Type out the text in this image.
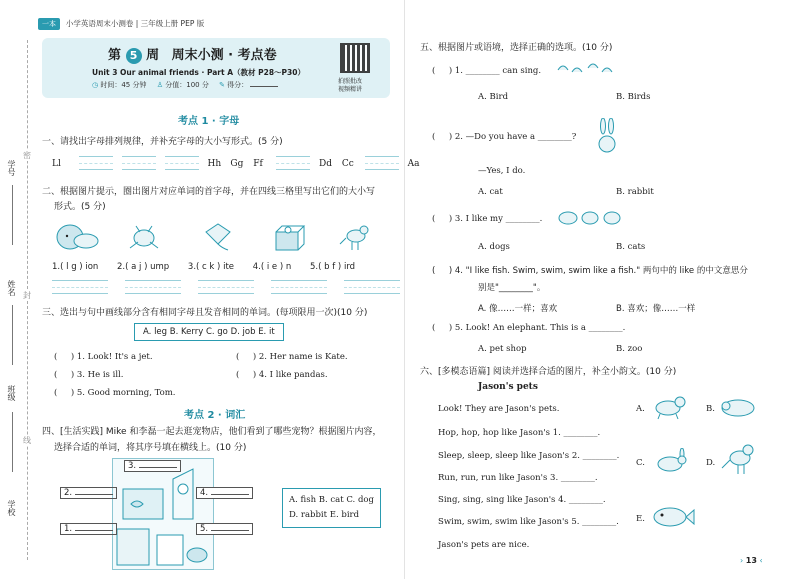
一本 小学英语周末小测卷 | 三年级上册 PEP 版
密
封
线
学号
姓名
班级
学校
第 5 周 周末小测 · 考点卷
Unit 3 Our animal friends · Part A（教材 P28～P30）
◷ 时间：45 分钟 ♙ 分值：100 分 ✎ 得分：	拍照批改
视频精讲
考点 1 · 字母
一、请找出字母排列规律，并补充字母的大小写形式。(5 分)
Ll	Hh Gg Ff	Dd Cc	Aa
二、根据图片提示，圈出图片对应单词的首字母，并在四线三格里写出它们的大小写
形式。(5 分)
1.( l g ) ion 2.( a j ) ump 3.( c k ) ite 4.( i e ) n 5.( b f ) ird

三、选出与句中画线部分含有相同字母且发音相同的单词。(每项限用一次)(10 分)
A. leg B. Kerry C. go D. job E. it
(     ) 1. Look! It's a jet.	(     ) 2. Her name is Kate.
(     ) 3. He is ill.	(     ) 4. I like pandas.
(     ) 5. Good morning, Tom.
考点 2 · 词汇
四、[生活实践] Mike 和李磊一起去逛宠物店，他们看到了哪些宠物？根据图片内容，
选择合适的单词，将其序号填在横线上。(10 分)
3.
2.	4.
1.	5.
A. fish B. cat C. dog
D. rabbit E. bird
五、根据图片或语境，选择正确的选项。(10 分)
(     ) 1. ________ can sing.
A. Bird	B. Birds
(     ) 2. —Do you have a ________?
—Yes, I do.
A. cat	B. rabbit
(     ) 3. I like my ________.
A. dogs	B. cats
(     ) 4. "I like fish. Swim, swim, swim like a fish." 两句中的 like 的中文意思分
别是"________"。
A. 像……一样；喜欢	B. 喜欢；像……一样
(     ) 5. Look! An elephant. This is a ________.
A. pet shop	B. zoo
六、[多模态语篇] 阅读并选择合适的图片，补全小韵文。(10 分)
Jason's pets
Look! They are Jason's pets.
Hop, hop, hop like Jason's 1. ________.
Sleep, sleep, sleep like Jason's 2. ________.
Run, run, run like Jason's 3. ________.
Sing, sing, sing like Jason's 4. ________.
Swim, swim, swim like Jason's 5. ________.
Jason's pets are nice.
A.	B.
C.	D.
E.
› 13 ‹
